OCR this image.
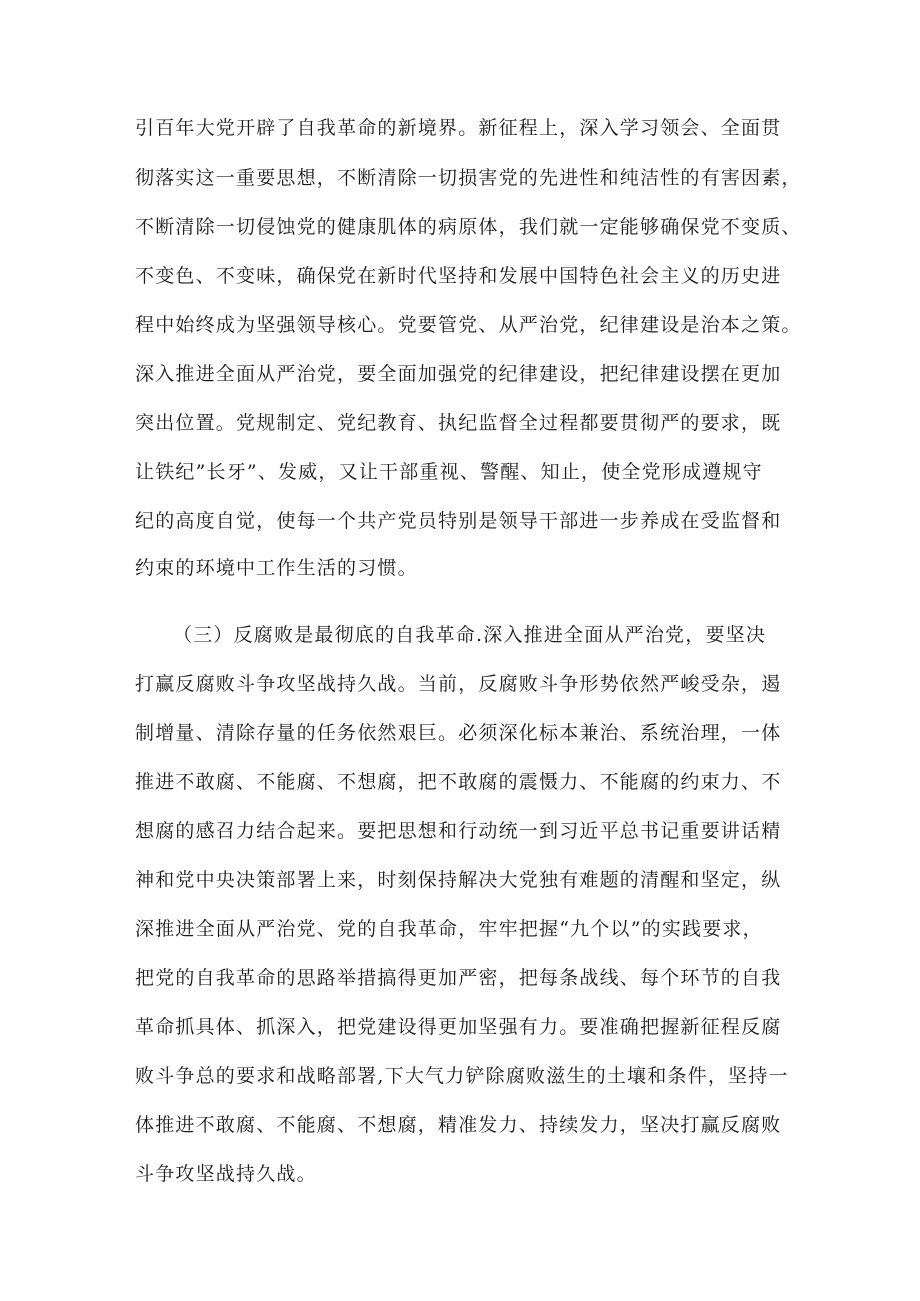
引百年大党开辟了自我革命的新境界。新征程上，深入学习领会、全面贯
彻落实这一重要思想，不断清除一切损害党的先进性和纯洁性的有害因素，
不断清除一切侵蚀党的健康肌体的病原体，我们就一定能够确保党不变质、
不变色、不变味，确保党在新时代坚持和发展中国特色社会主义的历史进
程中始终成为坚强领导核心。党要管党、从严治党，纪律建设是治本之策。
深入推进全面从严治党，要全面加强党的纪律建设，把纪律建设摆在更加
突出位置。党规制定、党纪教育、执纪监督全过程都要贯彻严的要求，既
让铁纪”长牙”、发威，又让干部重视、警醒、知止，使全党形成遵规守
纪的高度自觉，使每一个共产党员特别是领导干部进一步养成在受监督和
约束的环境中工作生活的习惯。
（三）反腐败是最彻底的自我革命.深入推进全面从严治党，要坚决
打赢反腐败斗争攻坚战持久战。当前，反腐败斗争形势依然严峻受杂，遏
制增量、清除存量的任务依然艰巨。必须深化标本兼治、系统治理，一体
推进不敢腐、不能腐、不想腐，把不敢腐的震慑力、不能腐的约束力、不
想腐的感召力结合起来。要把思想和行动统一到习近平总书记重要讲话精
神和党中央决策部署上来，时刻保持解决大党独有难题的清醒和坚定，纵
深推进全面从严治党、党的自我革命，牢牢把握“九个以”的实践要求，
把党的自我革命的思路举措搞得更加严密，把每条战线、每个环节的自我
革命抓具体、抓深入，把党建设得更加坚强有力。要准确把握新征程反腐
败斗争总的要求和战略部署,下大气力铲除腐败滋生的土壤和条件，坚持一
体推进不敢腐、不能腐、不想腐，精准发力、持续发力，坚决打赢反腐败
斗争攻坚战持久战。
